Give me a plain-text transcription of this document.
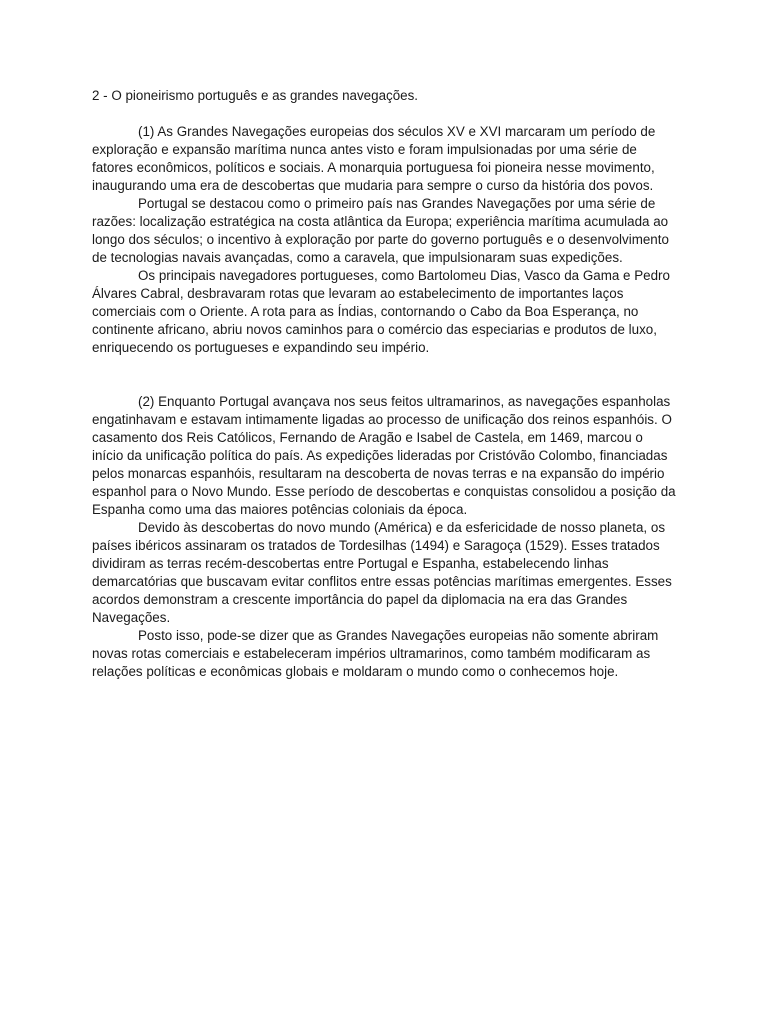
2 - O pioneirismo português e as grandes navegações.

(1) As Grandes Navegações europeias dos séculos XV e XVI marcaram um período de exploração e expansão marítima nunca antes visto e foram impulsionadas por uma série de fatores econômicos, políticos e sociais. A monarquia portuguesa foi pioneira nesse movimento, inaugurando uma era de descobertas que mudaria para sempre o curso da história dos povos.

Portugal se destacou como o primeiro país nas Grandes Navegações por uma série de razões: localização estratégica na costa atlântica da Europa; experiência marítima acumulada ao longo dos séculos; o incentivo à exploração por parte do governo português e o desenvolvimento de tecnologias navais avançadas, como a caravela, que impulsionaram suas expedições.

Os principais navegadores portugueses, como Bartolomeu Dias, Vasco da Gama e Pedro Álvares Cabral, desbravaram rotas que levaram ao estabelecimento de importantes laços comerciais com o Oriente. A rota para as Índias, contornando o Cabo da Boa Esperança, no continente africano, abriu novos caminhos para o comércio das especiarias e produtos de luxo, enriquecendo os portugueses e expandindo seu império.

(2) Enquanto Portugal avançava nos seus feitos ultramarinos, as navegações espanholas engatinhavam e estavam intimamente ligadas ao processo de unificação dos reinos espanhóis. O casamento dos Reis Católicos, Fernando de Aragão e Isabel de Castela, em 1469, marcou o início da unificação política do país. As expedições lideradas por Cristóvão Colombo, financiadas pelos monarcas espanhóis, resultaram na descoberta de novas terras e na expansão do império espanhol para o Novo Mundo. Esse período de descobertas e conquistas consolidou a posição da Espanha como uma das maiores potências coloniais da época.

Devido às descobertas do novo mundo (América) e da esfericidade de nosso planeta, os países ibéricos assinaram os tratados de Tordesilhas (1494) e Saragoça (1529). Esses tratados dividiram as terras recém-descobertas entre Portugal e Espanha, estabelecendo linhas demarcatórias que buscavam evitar conflitos entre essas potências marítimas emergentes. Esses acordos demonstram a crescente importância do papel da diplomacia na era das Grandes Navegações.

Posto isso, pode-se dizer que as Grandes Navegações europeias não somente abriram novas rotas comerciais e estabeleceram impérios ultramarinos, como também modificaram as relações políticas e econômicas globais e moldaram o mundo como o conhecemos hoje.
